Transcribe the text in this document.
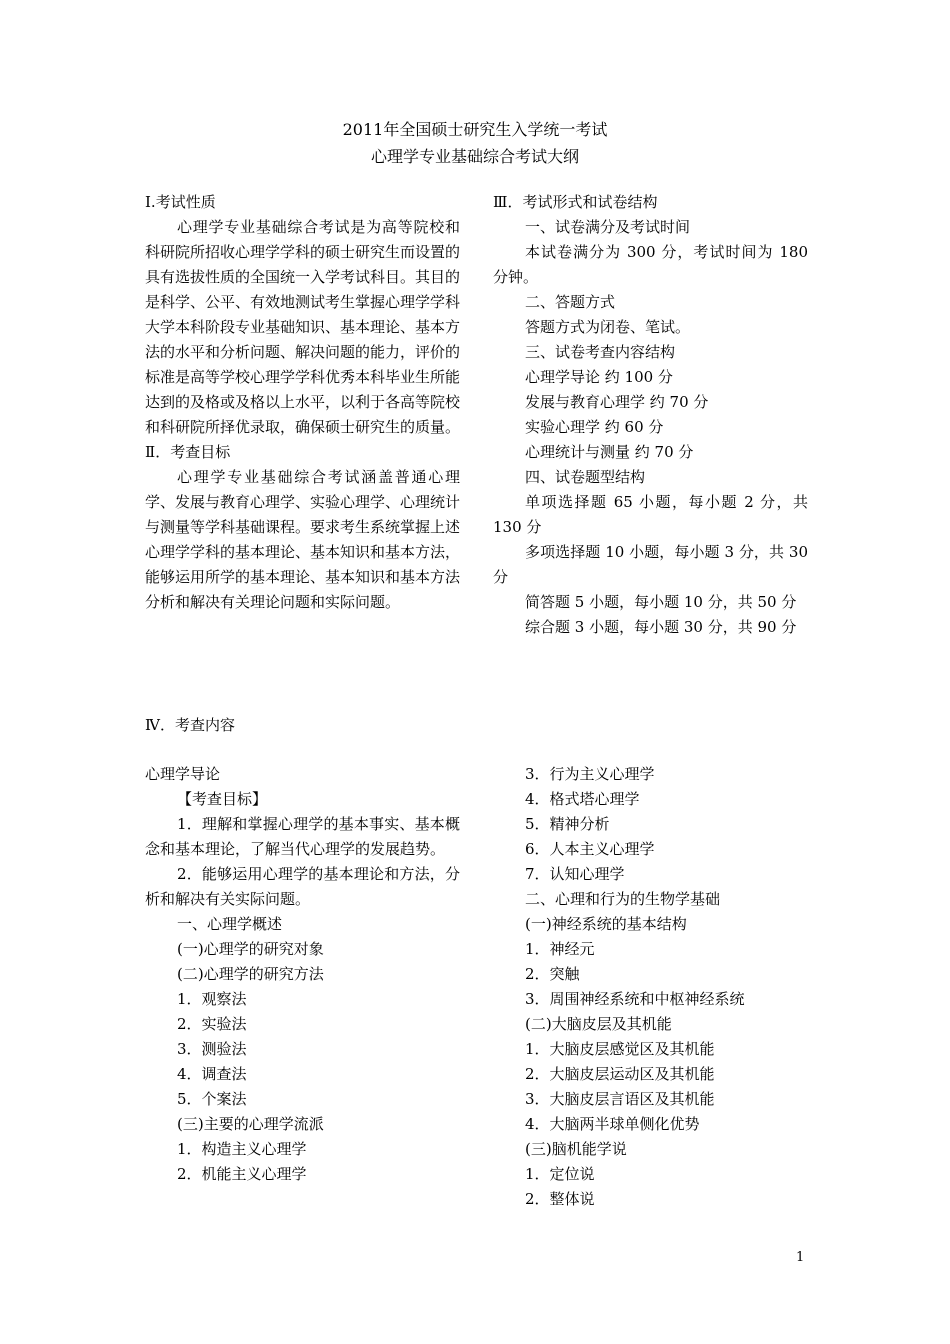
2011年全国硕士研究生入学统一考试
心理学专业基础综合考试大纲

Ⅰ.考试性质

心理学专业基础综合考试是为高等院校和科研院所招收心理学学科的硕士研究生而设置的具有选拔性质的全国统一入学考试科目。其目的是科学、公平、有效地测试考生掌握心理学学科大学本科阶段专业基础知识、基本理论、基本方法的水平和分析问题、解决问题的能力，评价的标准是高等学校心理学学科优秀本科毕业生所能达到的及格或及格以上水平，以利于各高等院校和科研院所择优录取，确保硕士研究生的质量。

Ⅱ．考查目标

心理学专业基础综合考试涵盖普通心理学、发展与教育心理学、实验心理学、心理统计与测量等学科基础课程。要求考生系统掌握上述心理学学科的基本理论、基本知识和基本方法，能够运用所学的基本理论、基本知识和基本方法分析和解决有关理论问题和实际问题。

Ⅲ．考试形式和试卷结构

一、试卷满分及考试时间

本试卷满分为 300 分，考试时间为 180 分钟。

二、答题方式

答题方式为闭卷、笔试。

三、试卷考查内容结构

心理学导论 约 100 分

发展与教育心理学 约 70 分

实验心理学 约 60 分

心理统计与测量 约 70 分

四、试卷题型结构

单项选择题 65 小题，每小题 2 分，共 130 分

多项选择题 10 小题，每小题 3 分，共 30 分

简答题 5 小题，每小题 10 分，共 50 分

综合题 3 小题，每小题 30 分，共 90 分

Ⅳ．考查内容

心理学导论

【考查目标】

1．理解和掌握心理学的基本事实、基本概念和基本理论，了解当代心理学的发展趋势。

2．能够运用心理学的基本理论和方法，分析和解决有关实际问题。

一、心理学概述

(一)心理学的研究对象

(二)心理学的研究方法

1．观察法

2．实验法

3．测验法

4．调查法

5．个案法

(三)主要的心理学流派

1．构造主义心理学

2．机能主义心理学

3．行为主义心理学

4．格式塔心理学

5．精神分析

6．人本主义心理学

7．认知心理学

二、心理和行为的生物学基础

(一)神经系统的基本结构

1．神经元

2．突触

3．周围神经系统和中枢神经系统

(二)大脑皮层及其机能

1．大脑皮层感觉区及其机能

2．大脑皮层运动区及其机能

3．大脑皮层言语区及其机能

4．大脑两半球单侧化优势

(三)脑机能学说

1．定位说

2．整体说

1
